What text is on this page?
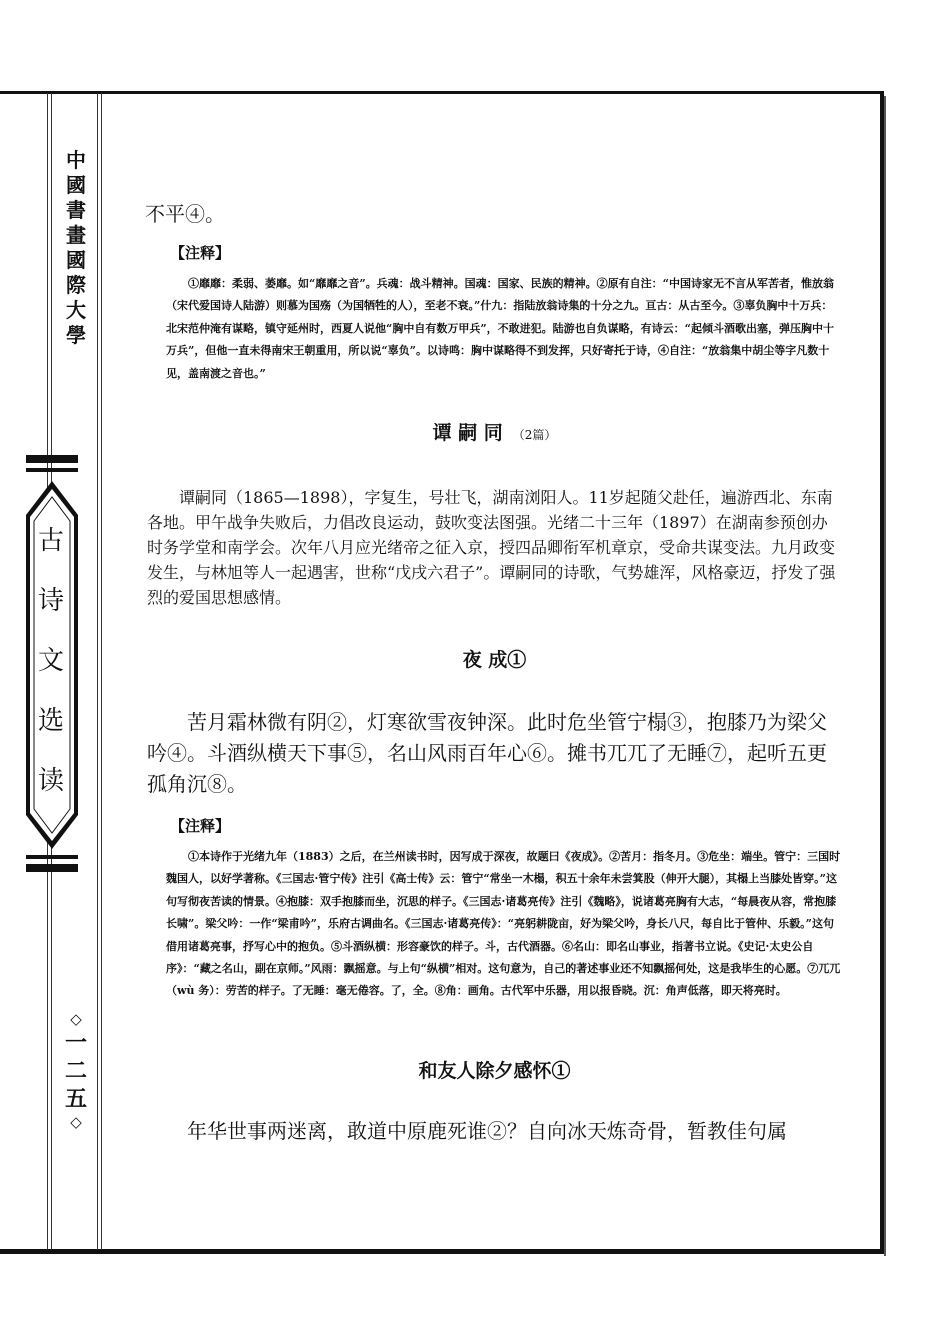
中
國
書
畫
國
際
大
學
古
诗
文
选
读
◇
一
二
五
◇
不平④。
【注释】

①靡靡：柔弱、萎靡。如“靡靡之音”。兵魂：战斗精神。国魂：国家、民族的精神。②原有自注：“中国诗家无不言从军苦者，惟放翁（宋代爱国诗人陆游）则慕为国殇（为国牺牲的人），至老不衰。”什九：指陆放翁诗集的十分之九。亘古：从古至今。③辜负胸中十万兵：北宋范仲淹有谋略，镇守延州时，西夏人说他“胸中自有数万甲兵”，不敢进犯。陆游也自负谋略，有诗云：“起倾斗酒歌出塞，弹压胸中十万兵”，但他一直未得南宋王朝重用，所以说“辜负”。以诗鸣：胸中谋略得不到发挥，只好寄托于诗，④自注：“放翁集中胡尘等字凡数十见，盖南渡之音也。”

谭 嗣 同 （2篇）

谭嗣同（1865—1898），字复生，号壮飞，湖南浏阳人。11岁起随父赴任，遍游西北、东南各地。甲午战争失败后，力倡改良运动，鼓吹变法图强。光绪二十三年（1897）在湖南参预创办时务学堂和南学会。次年八月应光绪帝之征入京，授四品卿衔军机章京，受命共谋变法。九月政变发生，与林旭等人一起遇害，世称“戊戌六君子”。谭嗣同的诗歌，气势雄浑，风格豪迈，抒发了强烈的爱国思想感情。

夜 成①

苦月霜林微有阴②，灯寒欲雪夜钟深。此时危坐管宁榻③，抱膝乃为梁父吟④。斗酒纵横天下事⑤，名山风雨百年心⑥。摊书兀兀了无睡⑦，起听五更孤角沉⑧。

【注释】

①本诗作于光绪九年（1883）之后，在兰州读书时，因写成于深夜，故题曰《夜成》。②苦月：指冬月。③危坐：端坐。管宁：三国时魏国人，以好学著称。《三国志·管宁传》注引《高士传》云：管宁“常坐一木榻，积五十余年未尝箕股（伸开大腿），其榻上当膝处皆穿。”这句写彻夜苦读的情景。④抱膝：双手抱膝而坐，沉思的样子。《三国志·诸葛亮传》注引《魏略》，说诸葛亮胸有大志，“每晨夜从容，常抱膝长啸”。梁父吟：一作“梁甫吟”，乐府古调曲名。《三国志·诸葛亮传》：“亮躬耕陇亩，好为梁父吟，身长八尺，每自比于管仲、乐毅。”这句借用诸葛亮事，抒写心中的抱负。⑤斗酒纵横：形容豪饮的样子。斗，古代酒器。⑥名山：即名山事业，指著书立说。《史记·太史公自序》：“藏之名山，副在京师。”风雨：飘摇意。与上句“纵横”相对。这句意为，自己的著述事业还不知飘摇何处，这是我毕生的心愿。⑦兀兀（wù 务）：劳苦的样子。了无睡：毫无倦容。了，全。⑧角：画角。古代军中乐器，用以报昏晓。沉：角声低落，即天将亮时。

和友人除夕感怀①

年华世事两迷离，敢道中原鹿死谁②？自向冰天炼奇骨，暂教佳句属
